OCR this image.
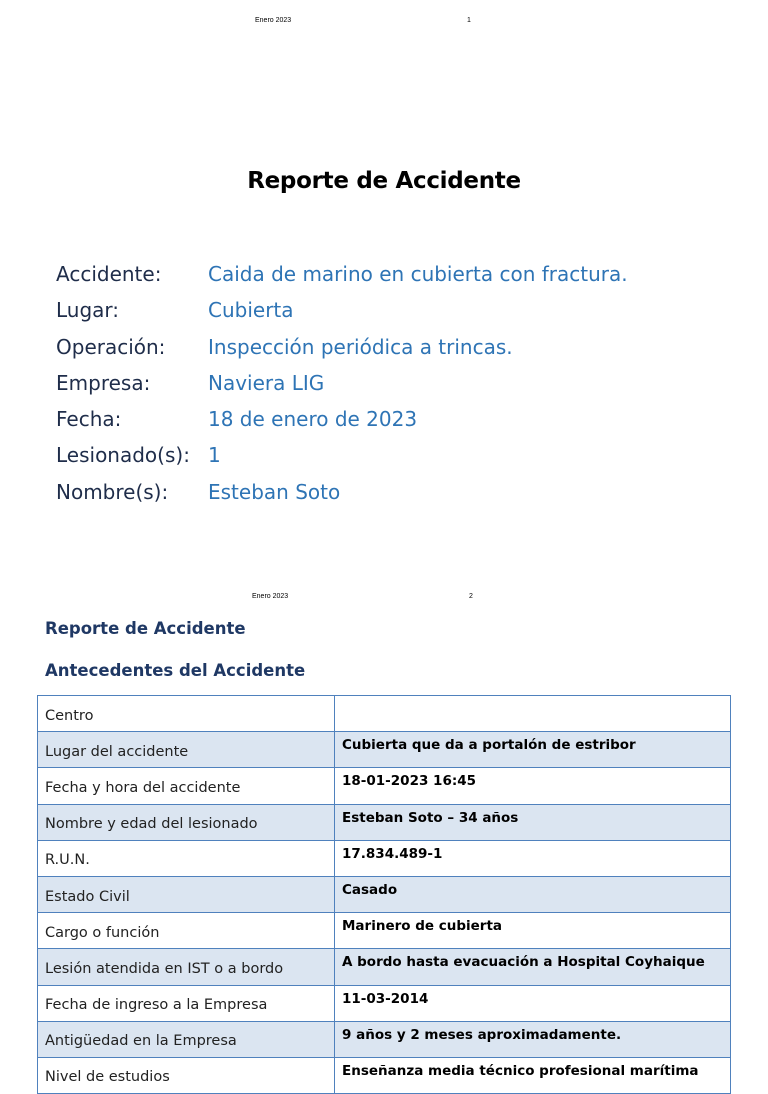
Enero 2023	1
Reporte de Accidente
Accidente: Caida de marino en cubierta con fractura.
Lugar:	Cubierta
Operación: Inspección periódica a trincas.
Empresa:	Naviera LIG
Fecha:	18 de enero de 2023
Lesionado(s): 1
Nombre(s): Esteban Soto
Enero 2023	2
Reporte de Accidente
Antecedentes del Accidente
Centro	
Lugar del accidente	Cubierta que da a portalón de estribor
Fecha y hora del accidente	18-01-2023 16:45
Nombre y edad del lesionado	Esteban Soto – 34 años
R.U.N.	17.834.489-1
Estado Civil	Casado
Cargo o función	Marinero de cubierta
Lesión atendida en IST o a bordo	A bordo hasta evacuación a Hospital Coyhaique
Fecha de ingreso a la Empresa	11-03-2014
Antigüedad en la Empresa	9 años y 2 meses aproximadamente.
Nivel de estudios	Enseñanza media técnico profesional marítima
